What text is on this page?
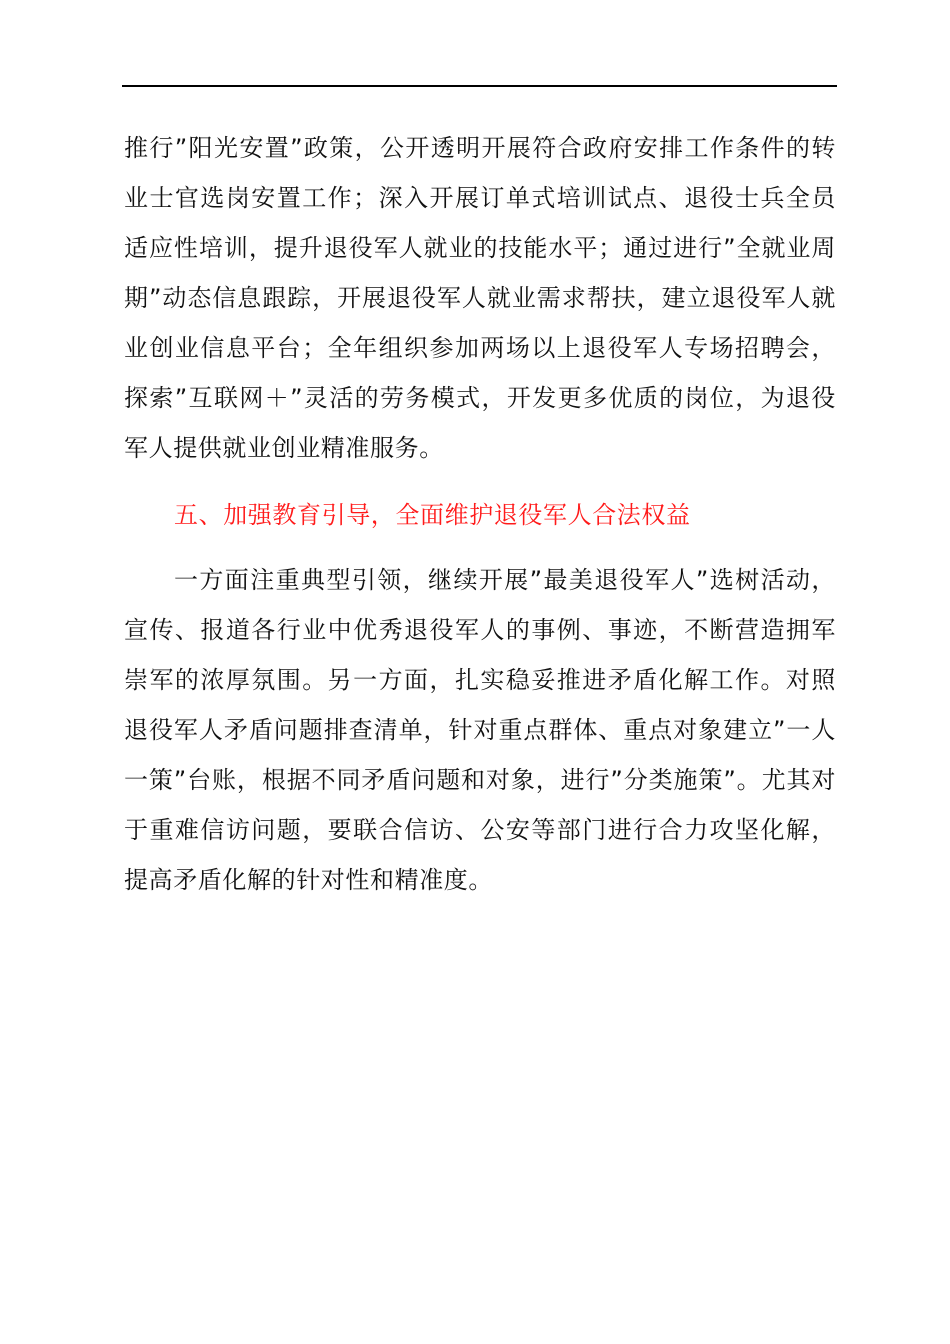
推行”阳光安置”政策，公开透明开展符合政府安排工作条件的转业士官选岗安置工作；深入开展订单式培训试点、退役士兵全员适应性培训，提升退役军人就业的技能水平；通过进行”全就业周期”动态信息跟踪，开展退役军人就业需求帮扶，建立退役军人就业创业信息平台；全年组织参加两场以上退役军人专场招聘会，探索”互联网＋”灵活的劳务模式，开发更多优质的岗位，为退役军人提供就业创业精准服务。

五、加强教育引导，全面维护退役军人合法权益

一方面注重典型引领，继续开展”最美退役军人”选树活动，宣传、报道各行业中优秀退役军人的事例、事迹，不断营造拥军崇军的浓厚氛围。另一方面，扎实稳妥推进矛盾化解工作。对照退役军人矛盾问题排查清单，针对重点群体、重点对象建立”一人一策”台账，根据不同矛盾问题和对象，进行”分类施策”。尤其对于重难信访问题，要联合信访、公安等部门进行合力攻坚化解，提高矛盾化解的针对性和精准度。
